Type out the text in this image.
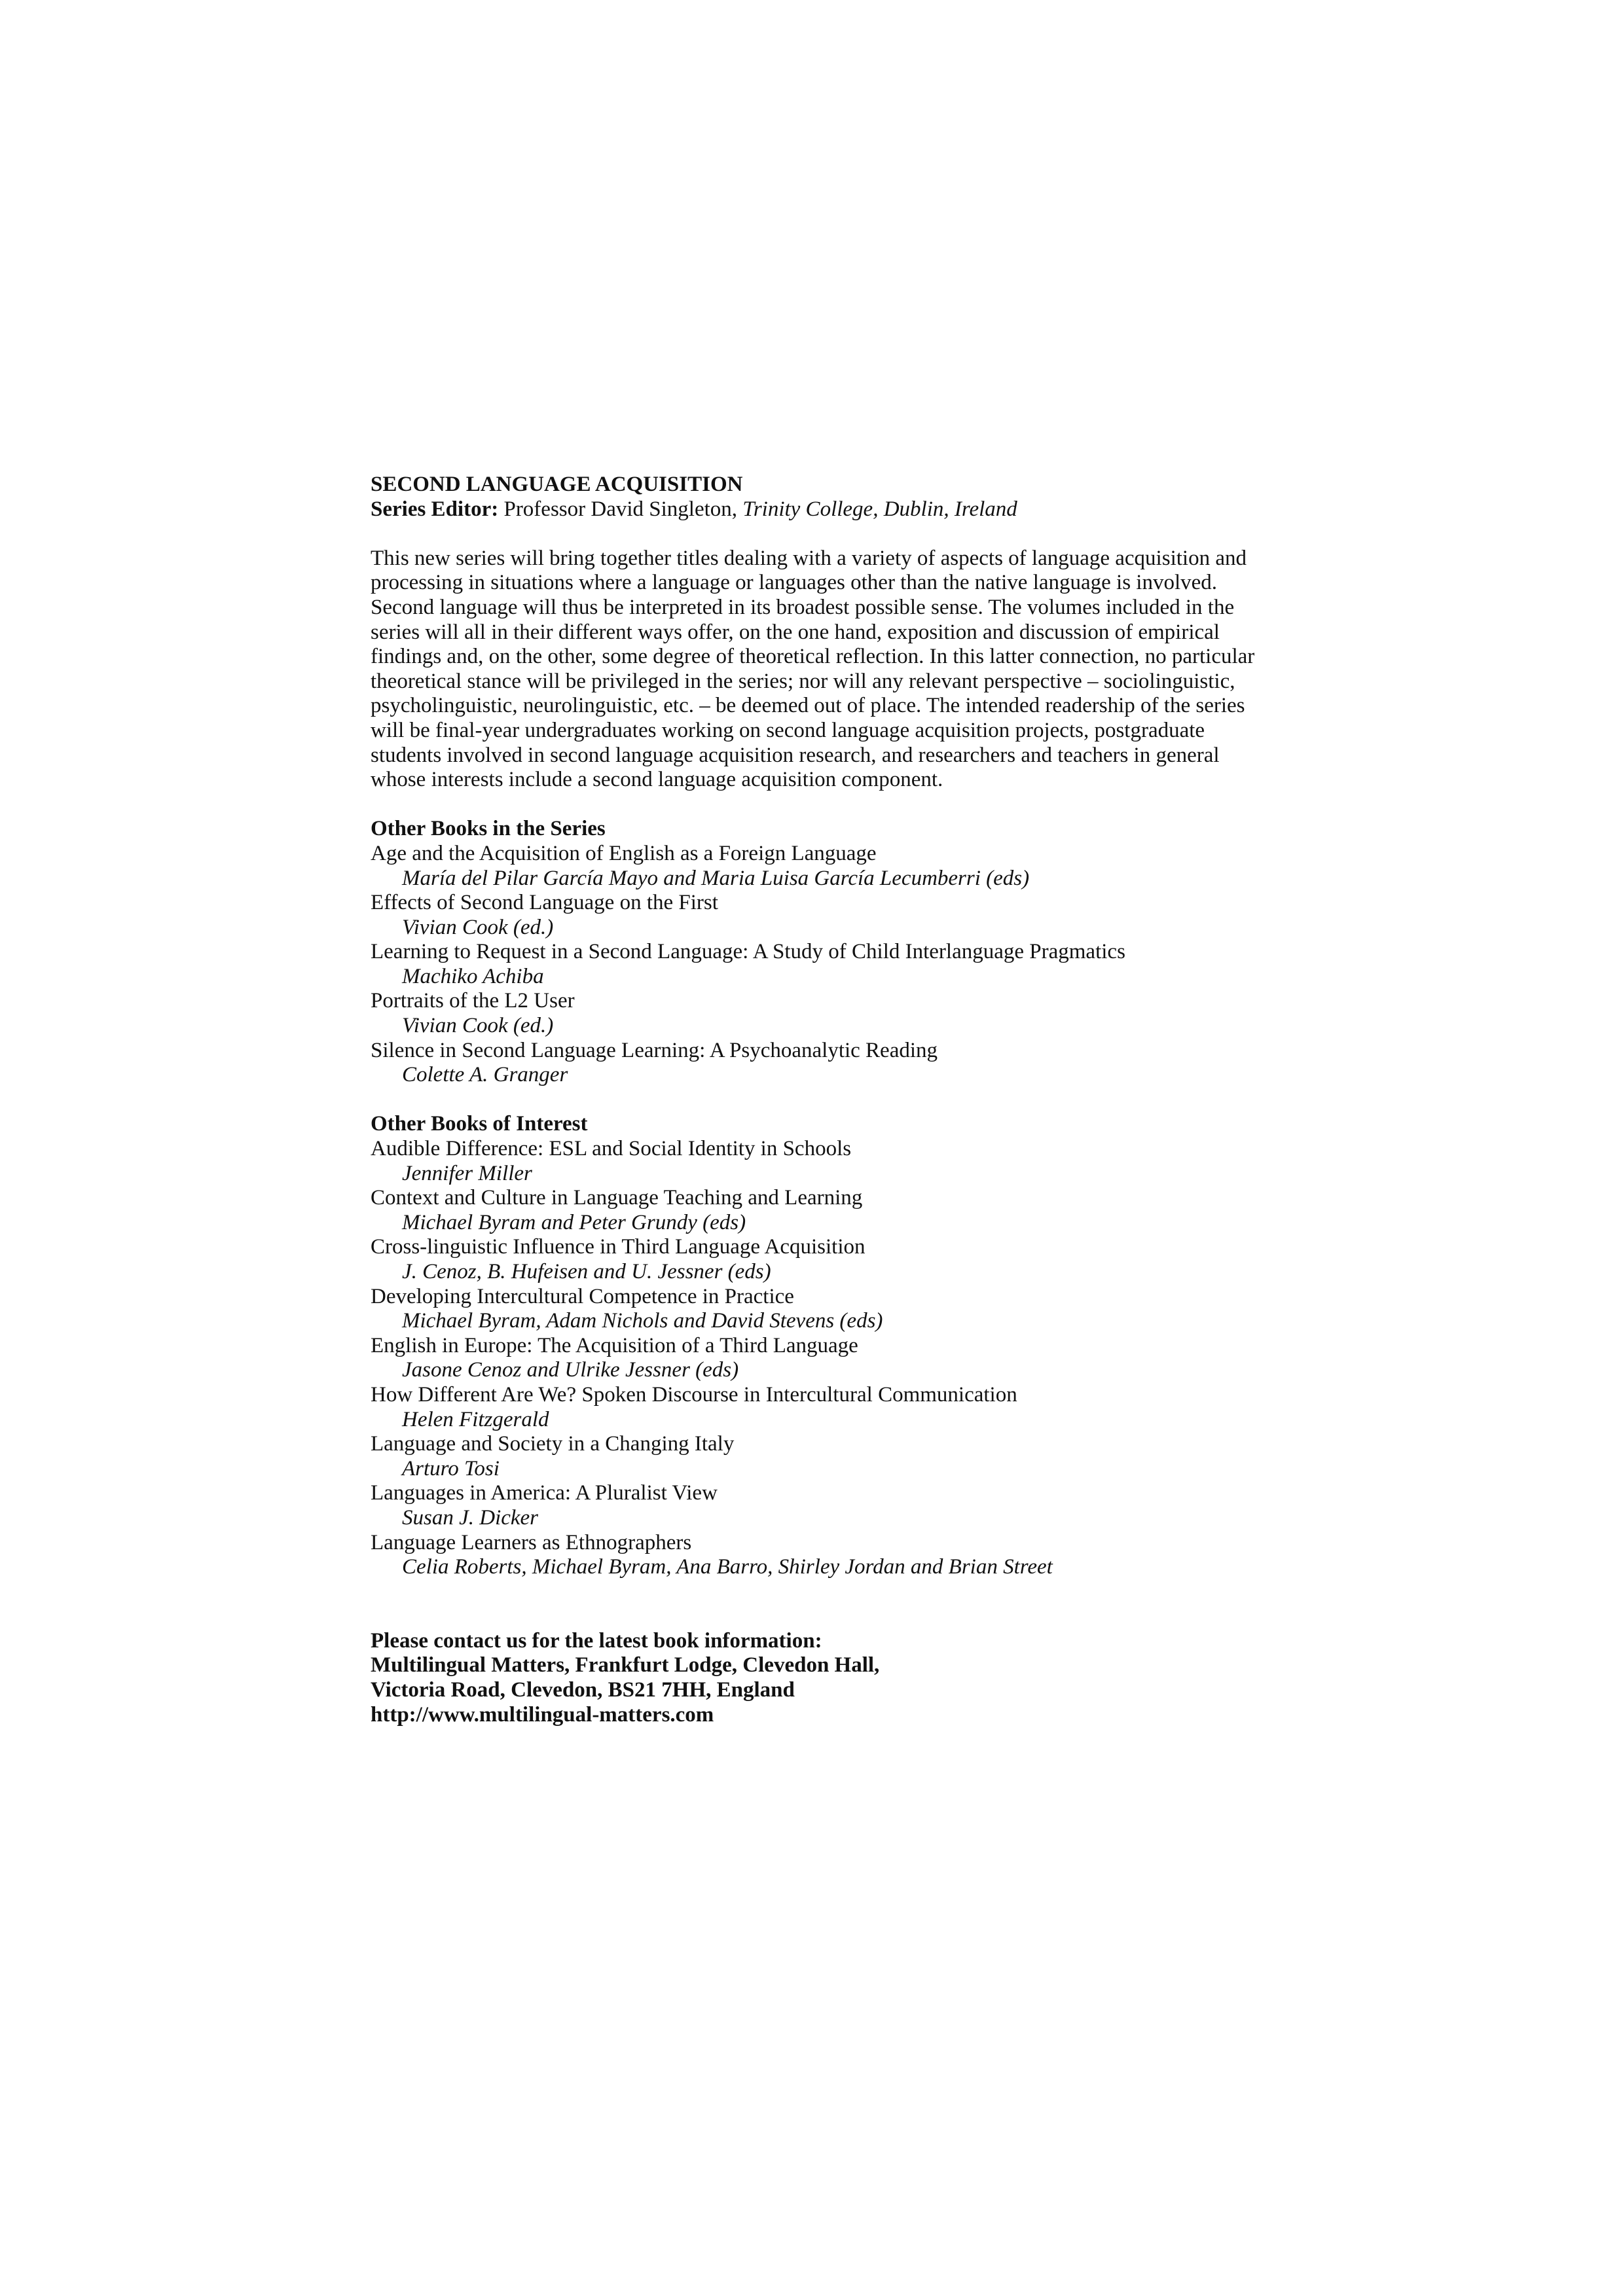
SECOND LANGUAGE ACQUISITION
Series Editor: Professor David Singleton, Trinity College, Dublin, Ireland

This new series will bring together titles dealing with a variety of aspects of language acquisition and processing in situations where a language or languages other than the native language is involved. Second language will thus be interpreted in its broadest possible sense. The volumes included in the series will all in their different ways offer, on the one hand, exposition and discussion of empirical findings and, on the other, some degree of theoretical reflection. In this latter connection, no particular theoretical stance will be privileged in the series; nor will any relevant perspective – sociolinguistic, psycholinguistic, neurolinguistic, etc. – be deemed out of place. The intended readership of the series will be final-year undergraduates working on second language acquisition projects, postgraduate students involved in second language acquisition research, and researchers and teachers in general whose interests include a second language acquisition component.

Other Books in the Series
Age and the Acquisition of English as a Foreign Language
María del Pilar García Mayo and Maria Luisa García Lecumberri (eds)
Effects of Second Language on the First
Vivian Cook (ed.)
Learning to Request in a Second Language: A Study of Child Interlanguage Pragmatics
Machiko Achiba
Portraits of the L2 User
Vivian Cook (ed.)
Silence in Second Language Learning: A Psychoanalytic Reading
Colette A. Granger
Other Books of Interest
Audible Difference: ESL and Social Identity in Schools
Jennifer Miller
Context and Culture in Language Teaching and Learning
Michael Byram and Peter Grundy (eds)
Cross-linguistic Influence in Third Language Acquisition
J. Cenoz, B. Hufeisen and U. Jessner (eds)
Developing Intercultural Competence in Practice
Michael Byram, Adam Nichols and David Stevens (eds)
English in Europe: The Acquisition of a Third Language
Jasone Cenoz and Ulrike Jessner (eds)
How Different Are We? Spoken Discourse in Intercultural Communication
Helen Fitzgerald
Language and Society in a Changing Italy
Arturo Tosi
Languages in America: A Pluralist View
Susan J. Dicker
Language Learners as Ethnographers
Celia Roberts, Michael Byram, Ana Barro, Shirley Jordan and Brian Street
Please contact us for the latest book information:
Multilingual Matters, Frankfurt Lodge, Clevedon Hall,
Victoria Road, Clevedon, BS21 7HH, England
http://www.multilingual-matters.com
